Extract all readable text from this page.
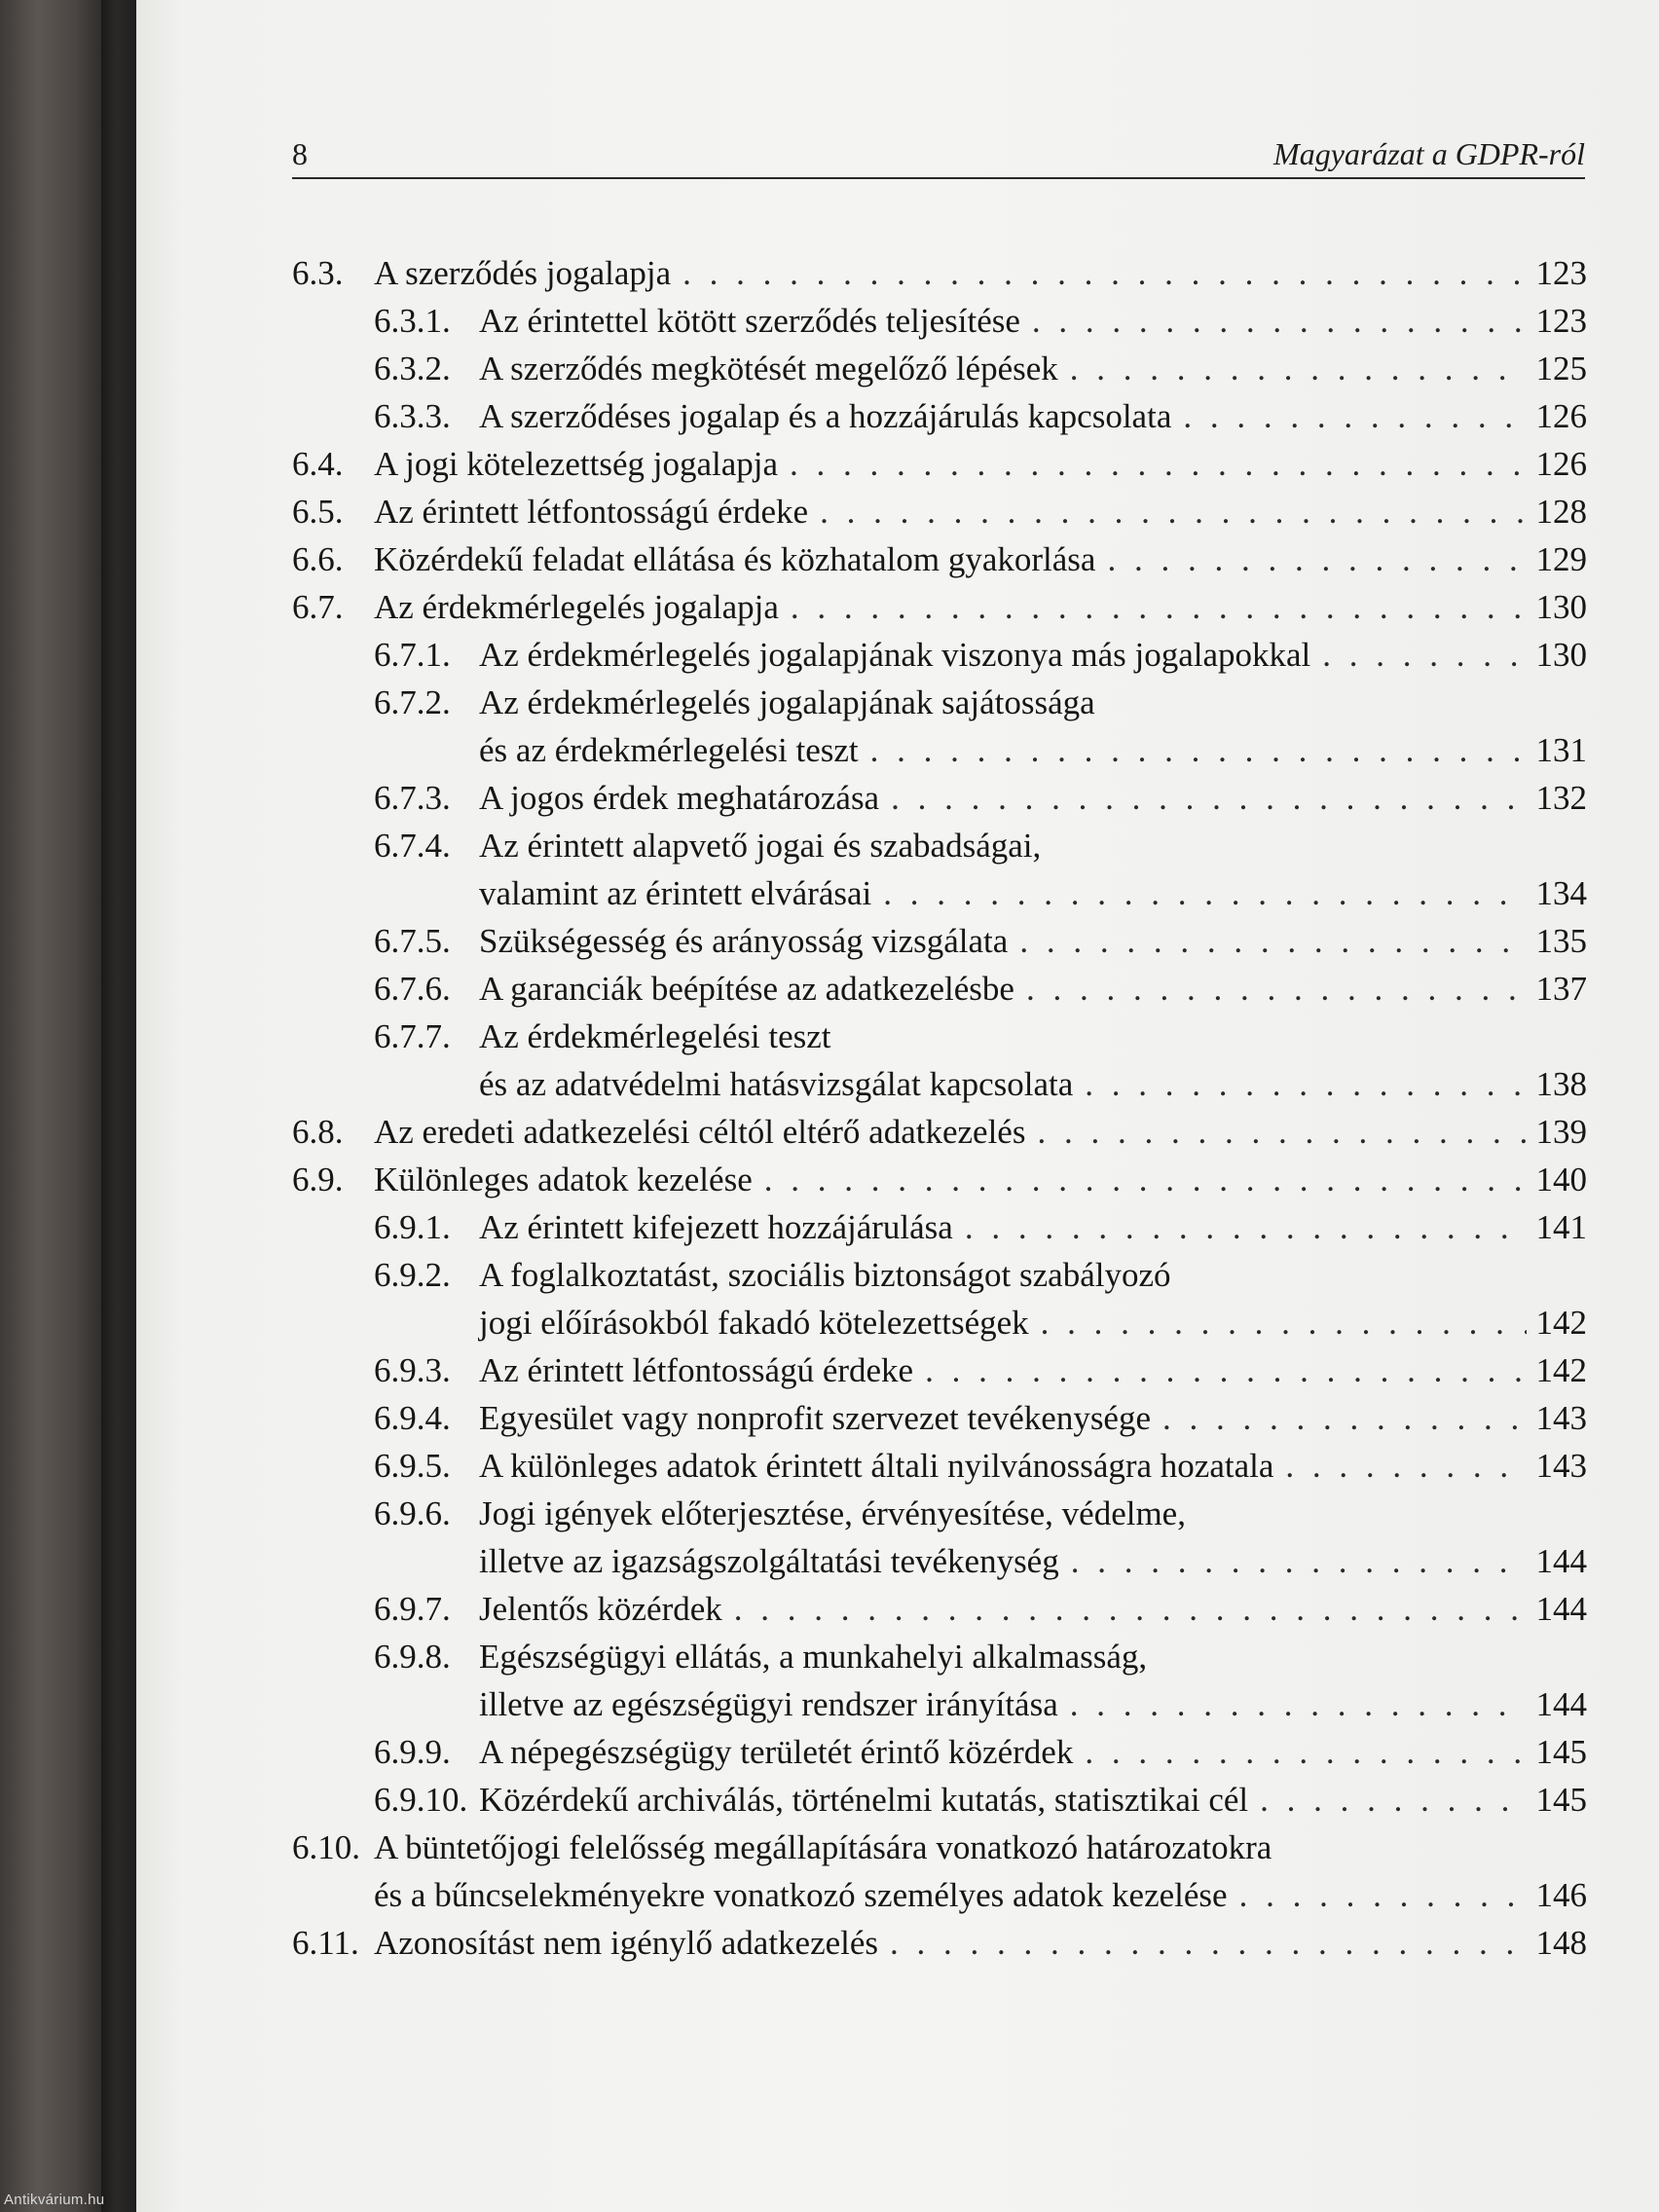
8	Magyarázat a GDPR-ról
6.3. A szerződés jogalapja . . .	123
6.3.1. Az érintettel kötött szerződés teljesítése . . .	123
6.3.2. A szerződés megkötését megelőző lépések . . .	125
6.3.3. A szerződéses jogalap és a hozzájárulás kapcsolata . . .	126
6.4. A jogi kötelezettség jogalapja . . .	126
6.5. Az érintett létfontosságú érdeke . . .	128
6.6. Közérdekű feladat ellátása és közhatalom gyakorlása . . .	129
6.7. Az érdekmérlegelés jogalapja . . .	130
6.7.1. Az érdekmérlegelés jogalapjának viszonya más jogalapokkal . . .	130
6.7.2. Az érdekmérlegelés jogalapjának sajátossága
és az érdekmérlegelési teszt . . .	131
6.7.3. A jogos érdek meghatározása . . .	132
6.7.4. Az érintett alapvető jogai és szabadságai,
valamint az érintett elvárásai . . .	134
6.7.5. Szükségesség és arányosság vizsgálata . . .	135
6.7.6. A garanciák beépítése az adatkezelésbe . . .	137
6.7.7. Az érdekmérlegelési teszt
és az adatvédelmi hatásvizsgálat kapcsolata . . .	138
6.8. Az eredeti adatkezelési céltól eltérő adatkezelés . . .	139
6.9. Különleges adatok kezelése . . .	140
6.9.1. Az érintett kifejezett hozzájárulása . . .	141
6.9.2. A foglalkoztatást, szociális biztonságot szabályozó
jogi előírásokból fakadó kötelezettségek . . .	142
6.9.3. Az érintett létfontosságú érdeke . . .	142
6.9.4. Egyesület vagy nonprofit szervezet tevékenysége . . .	143
6.9.5. A különleges adatok érintett általi nyilvánosságra hozatala . . .	143
6.9.6. Jogi igények előterjesztése, érvényesítése, védelme,
illetve az igazságszolgáltatási tevékenység . . .	144
6.9.7. Jelentős közérdek . . .	144
6.9.8. Egészségügyi ellátás, a munkahelyi alkalmasság,
illetve az egészségügyi rendszer irányítása . . .	144
6.9.9. A népegészségügy területét érintő közérdek . . .	145
6.9.10. Közérdekű archiválás, történelmi kutatás, statisztikai cél . . .	145
6.10. A büntetőjogi felelősség megállapítására vonatkozó határozatokra
és a bűncselekményekre vonatkozó személyes adatok kezelése . . .	146
6.11. Azonosítást nem igénylő adatkezelés . . .	148
Antikvárium.hu
